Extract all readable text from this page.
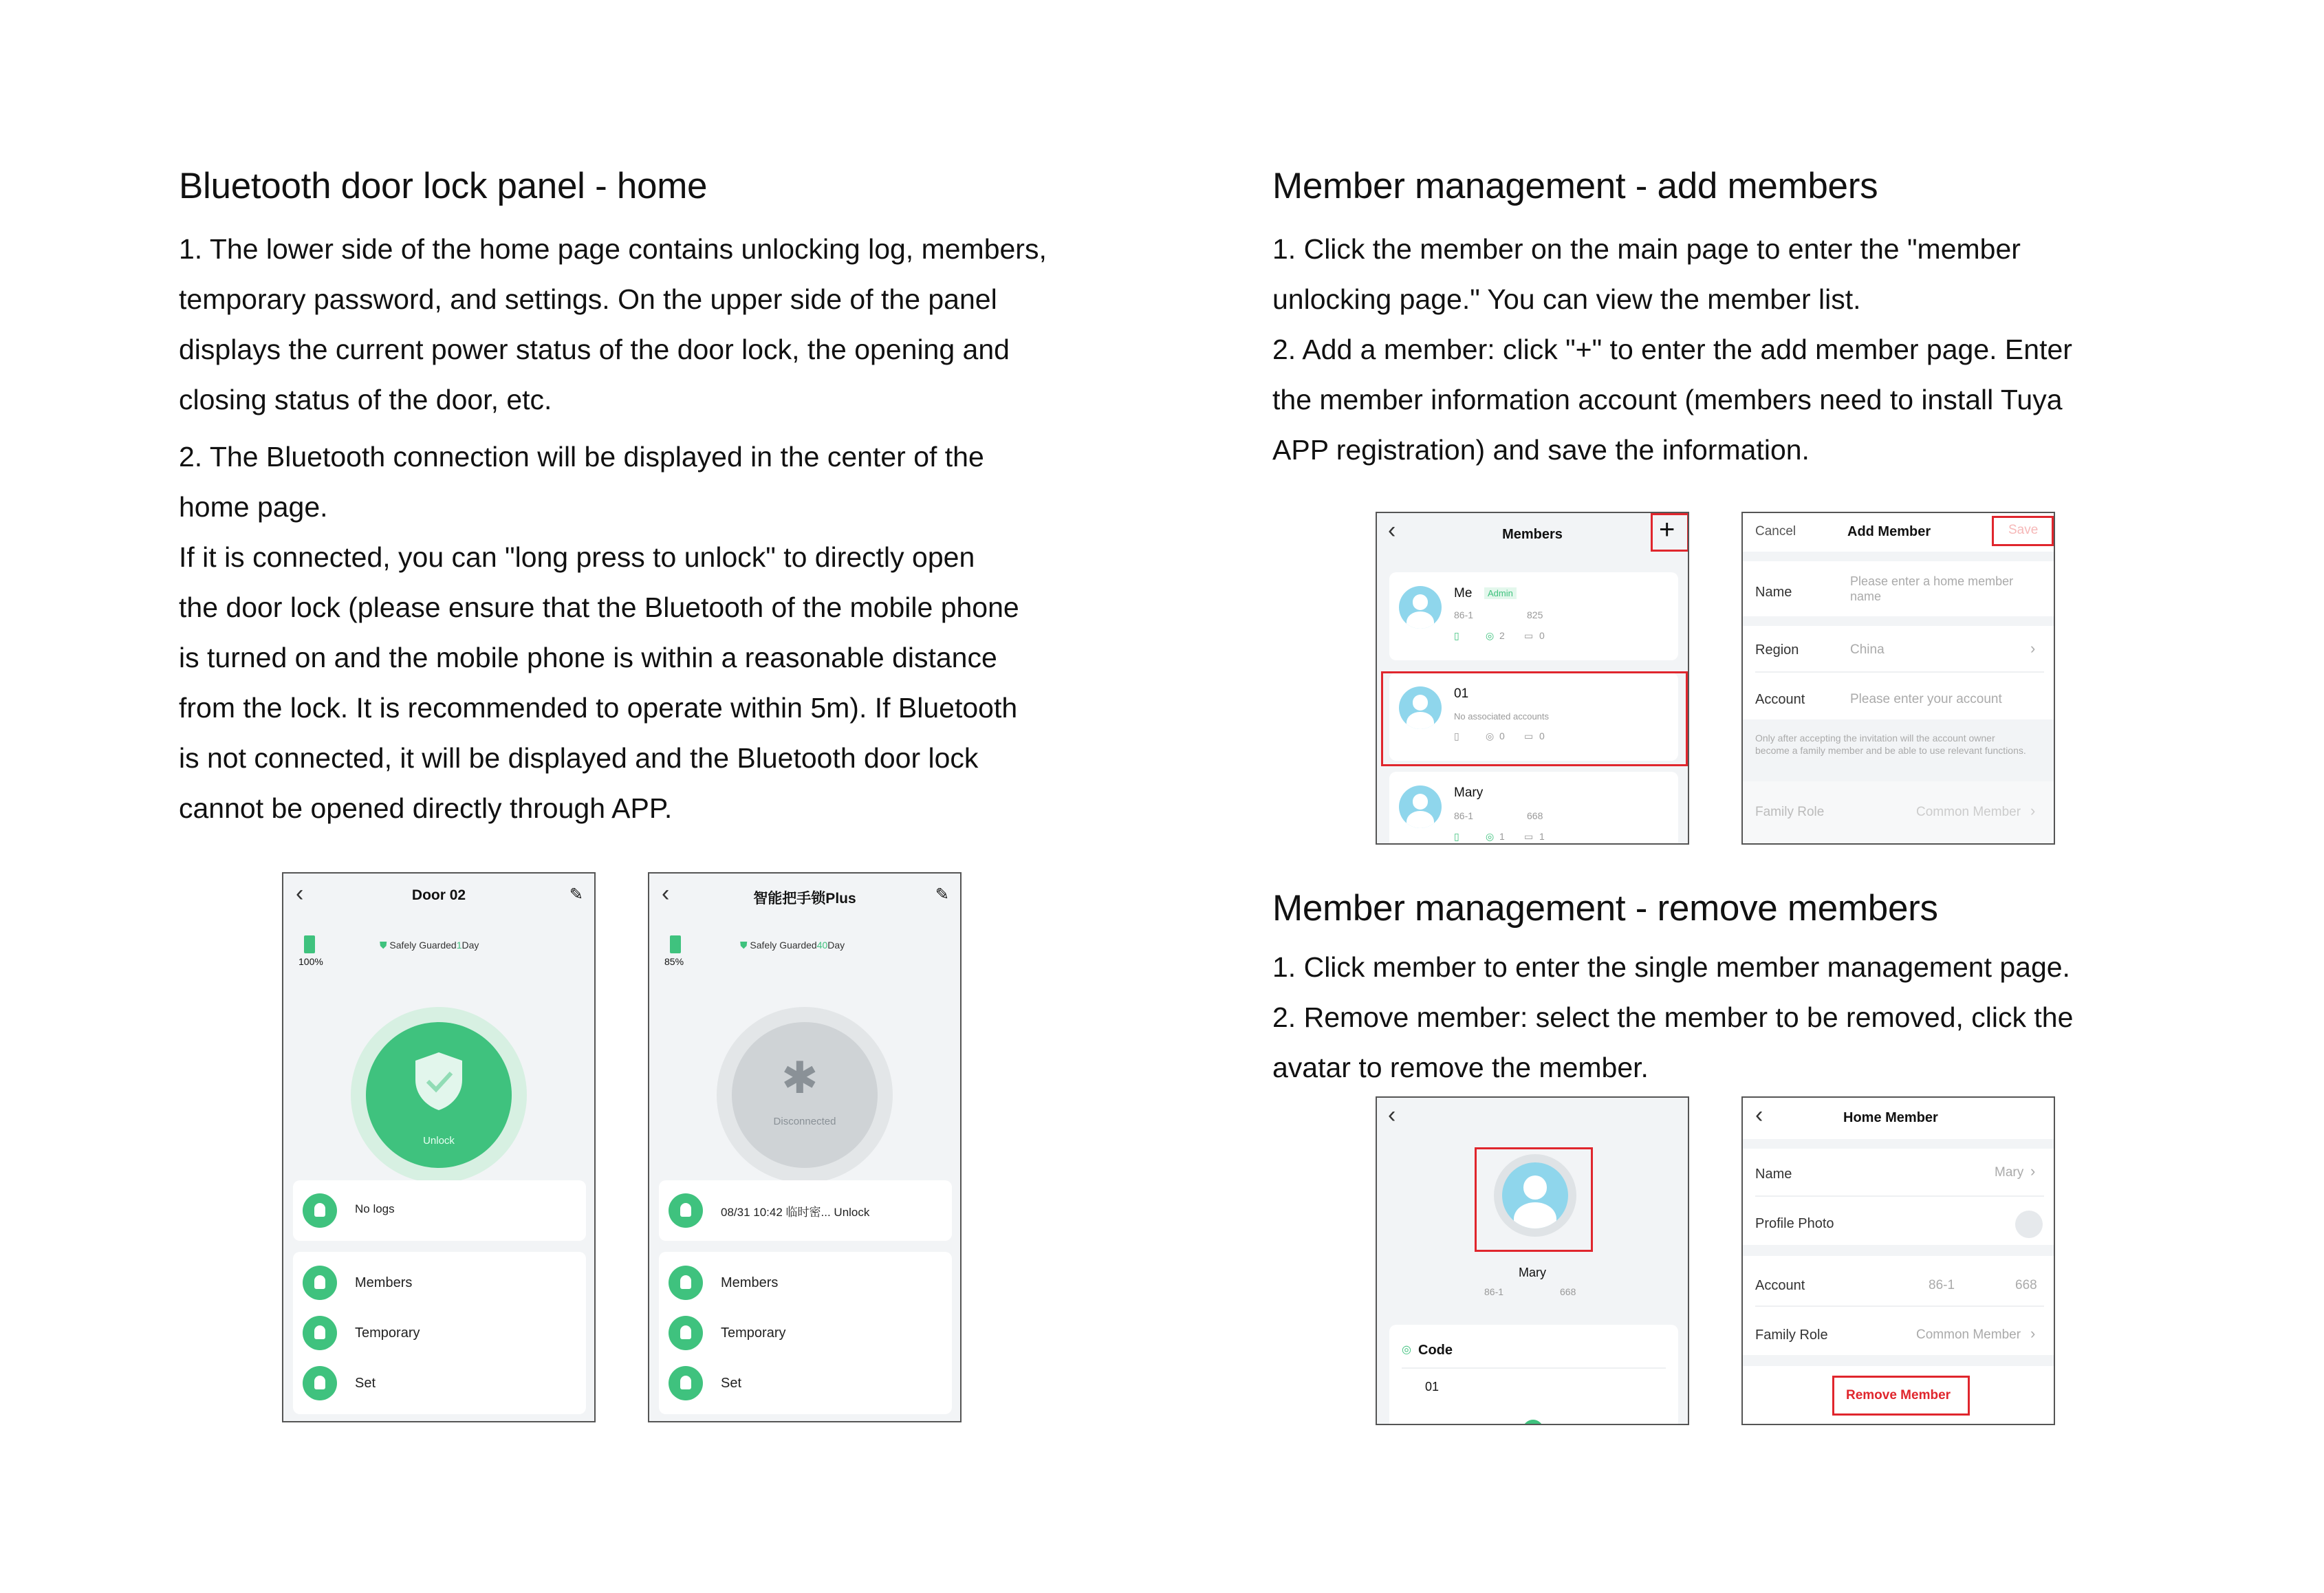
Bluetooth door lock panel - home

1. The lower side of the home page contains unlocking log, members,

temporary password, and settings. On the upper side of the panel

displays the current power status of the door lock, the opening and

closing status of the door, etc.

2. The Bluetooth connection will be displayed in the center of the

home page.

If it is connected, you can "long press to unlock" to directly open

the door lock (please ensure that the Bluetooth of the mobile phone

is turned on and the mobile phone is within a reasonable distance

from the lock. It is recommended to operate within 5m). If Bluetooth

is not connected, it will be displayed and the Bluetooth door lock

cannot be opened directly through APP.

Member management - add members

1. Click the member on the main page to enter the "member

unlocking page." You can view the member list.

2. Add a member: click "+" to enter the add member page. Enter

the member information account (members need to install Tuya

APP registration) and save the information.

Member management - remove members

1. Click member to enter the single member management page.

2. Remove member: select the member to be removed, click the

avatar to remove the member.

‹	Door 02	✎
100%
⛊ Safely Guarded1Day
Unlock
No logs
Members
Temporary
Set
‹	智能把手锁Plus	✎
85%
⛊ Safely Guarded40Day
✱
Disconnected
08/31 10:42 临时密... Unlock
Members
Temporary
Set
‹	Members	+
Me	Admin
86-1	825
▯	◎ 2 ▭ 0
01
No associated accounts
▯	◎ 0 ▭ 0
Mary
86-1	668
▯	◎ 1 ▭ 1
Cancel	Add Member	Save
Name
Please enter a home member name
Region	China	›
Account	Please enter your account
Only after accepting the invitation will the account owner become a family member and be able to use relevant functions.
Family Role	Common Member ›
‹
Mary
86-1	668
◎ Code
01
‹	Home Member
Name	Mary ›
Profile Photo
Account	86-1	668
Family Role	Common Member ›
Remove Member
